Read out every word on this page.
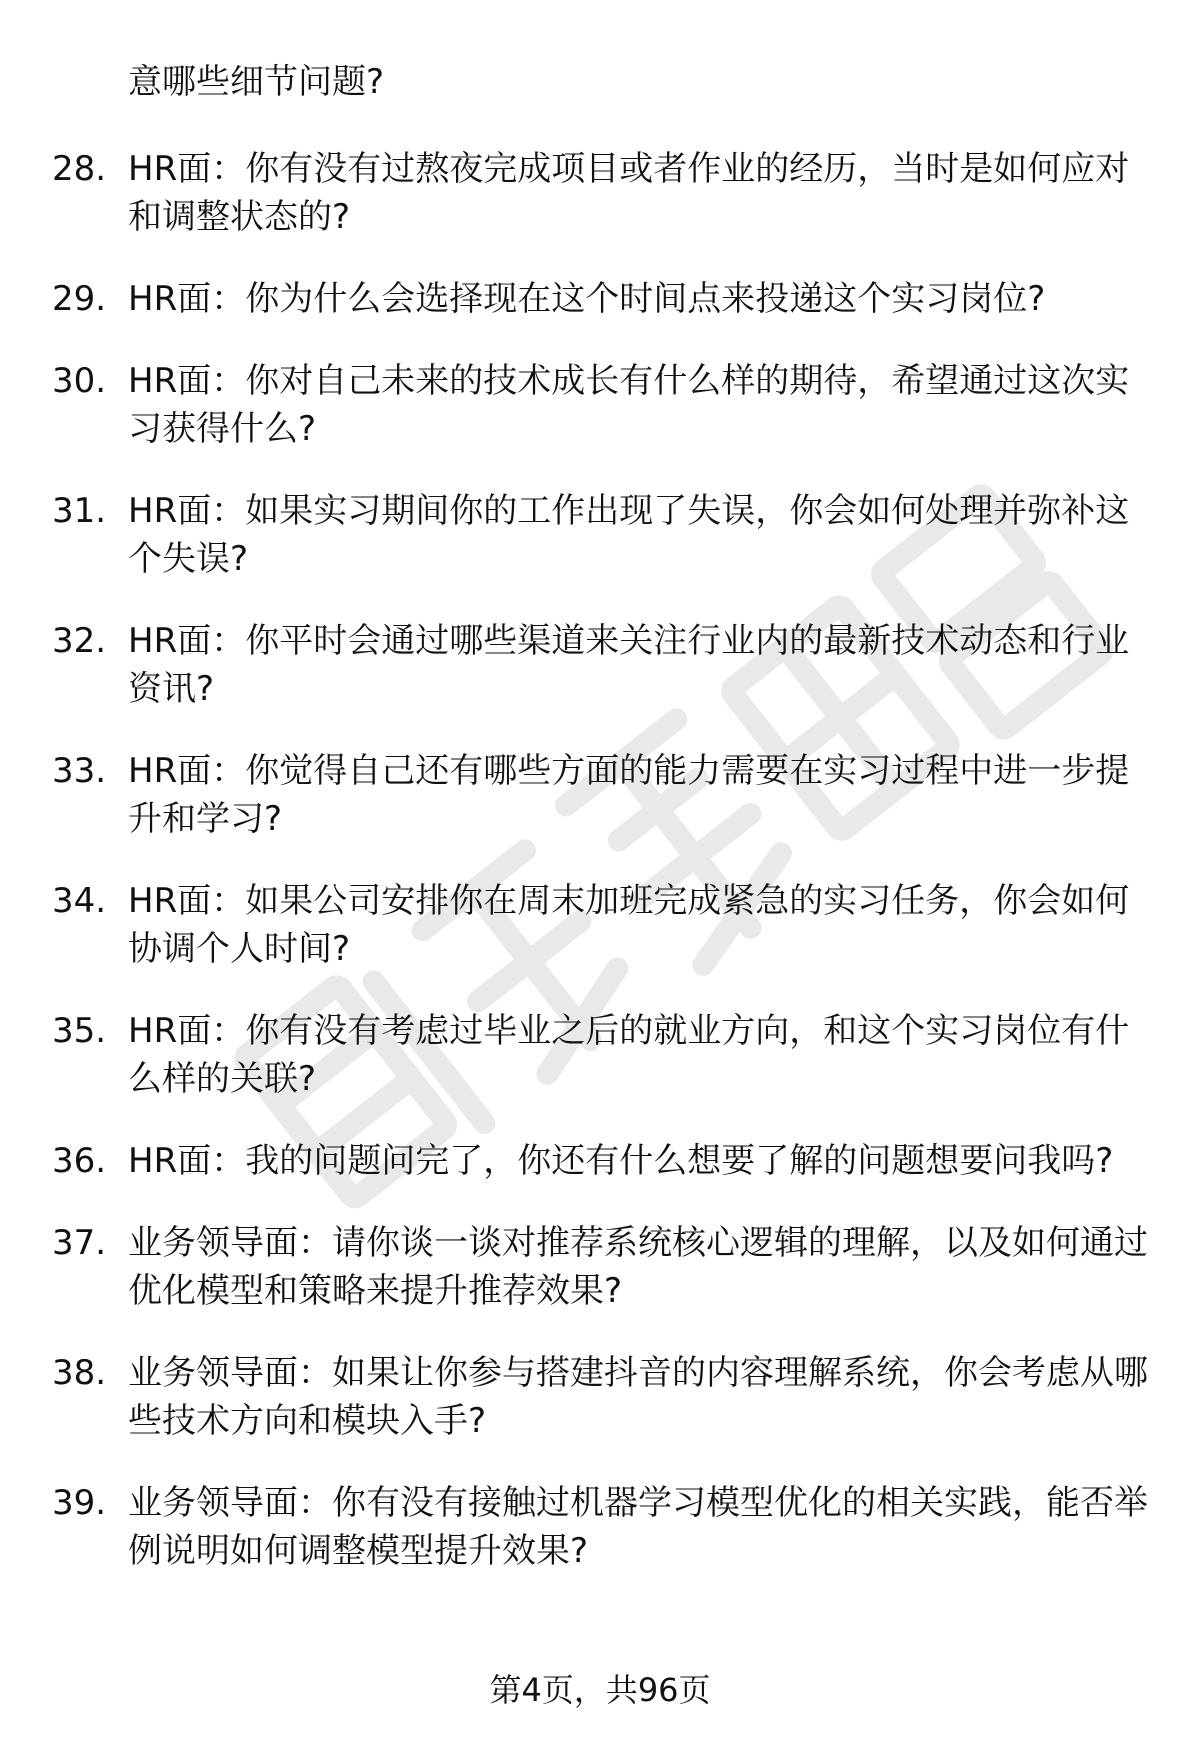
意哪些细节问题?
28. HR面：你有没有过熬夜完成项目或者作业的经历，当时是如何应对和调整状态的?
29. HR面：你为什么会选择现在这个时间点来投递这个实习岗位?
30. HR面：你对自己未来的技术成长有什么样的期待，希望通过这次实习获得什么?
31. HR面：如果实习期间你的工作出现了失误，你会如何处理并弥补这个失误?
32. HR面：你平时会通过哪些渠道来关注行业内的最新技术动态和行业资讯?
33. HR面：你觉得自己还有哪些方面的能力需要在实习过程中进一步提升和学习?
34. HR面：如果公司安排你在周末加班完成紧急的实习任务，你会如何协调个人时间?
35. HR面：你有没有考虑过毕业之后的就业方向，和这个实习岗位有什么样的关联?
36. HR面：我的问题问完了，你还有什么想要了解的问题想要问我吗?
37. 业务领导面：请你谈一谈对推荐系统核心逻辑的理解，以及如何通过优化模型和策略来提升推荐效果?
38. 业务领导面：如果让你参与搭建抖音的内容理解系统，你会考虑从哪些技术方向和模块入手?
39. 业务领导面：你有没有接触过机器学习模型优化的相关实践，能否举例说明如何调整模型提升效果?
第4页，共96页
